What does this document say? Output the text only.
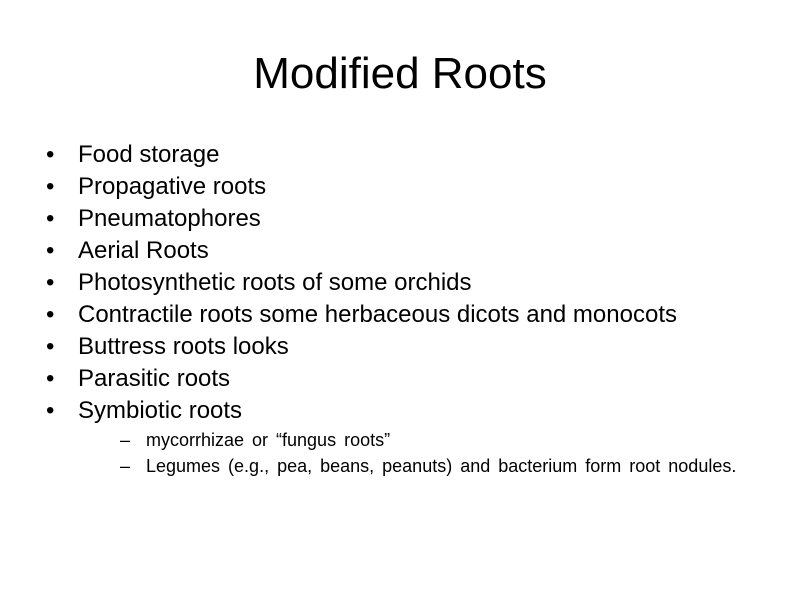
Modified Roots
• Food storage
• Propagative roots
• Pneumatophores
• Aerial Roots
• Photosynthetic roots of some orchids
• Contractile roots some herbaceous dicots and monocots
• Buttress roots looks
• Parasitic roots
• Symbiotic roots
– mycorrhizae or “fungus roots”
– Legumes (e.g., pea, beans, peanuts) and bacterium form root nodules.
